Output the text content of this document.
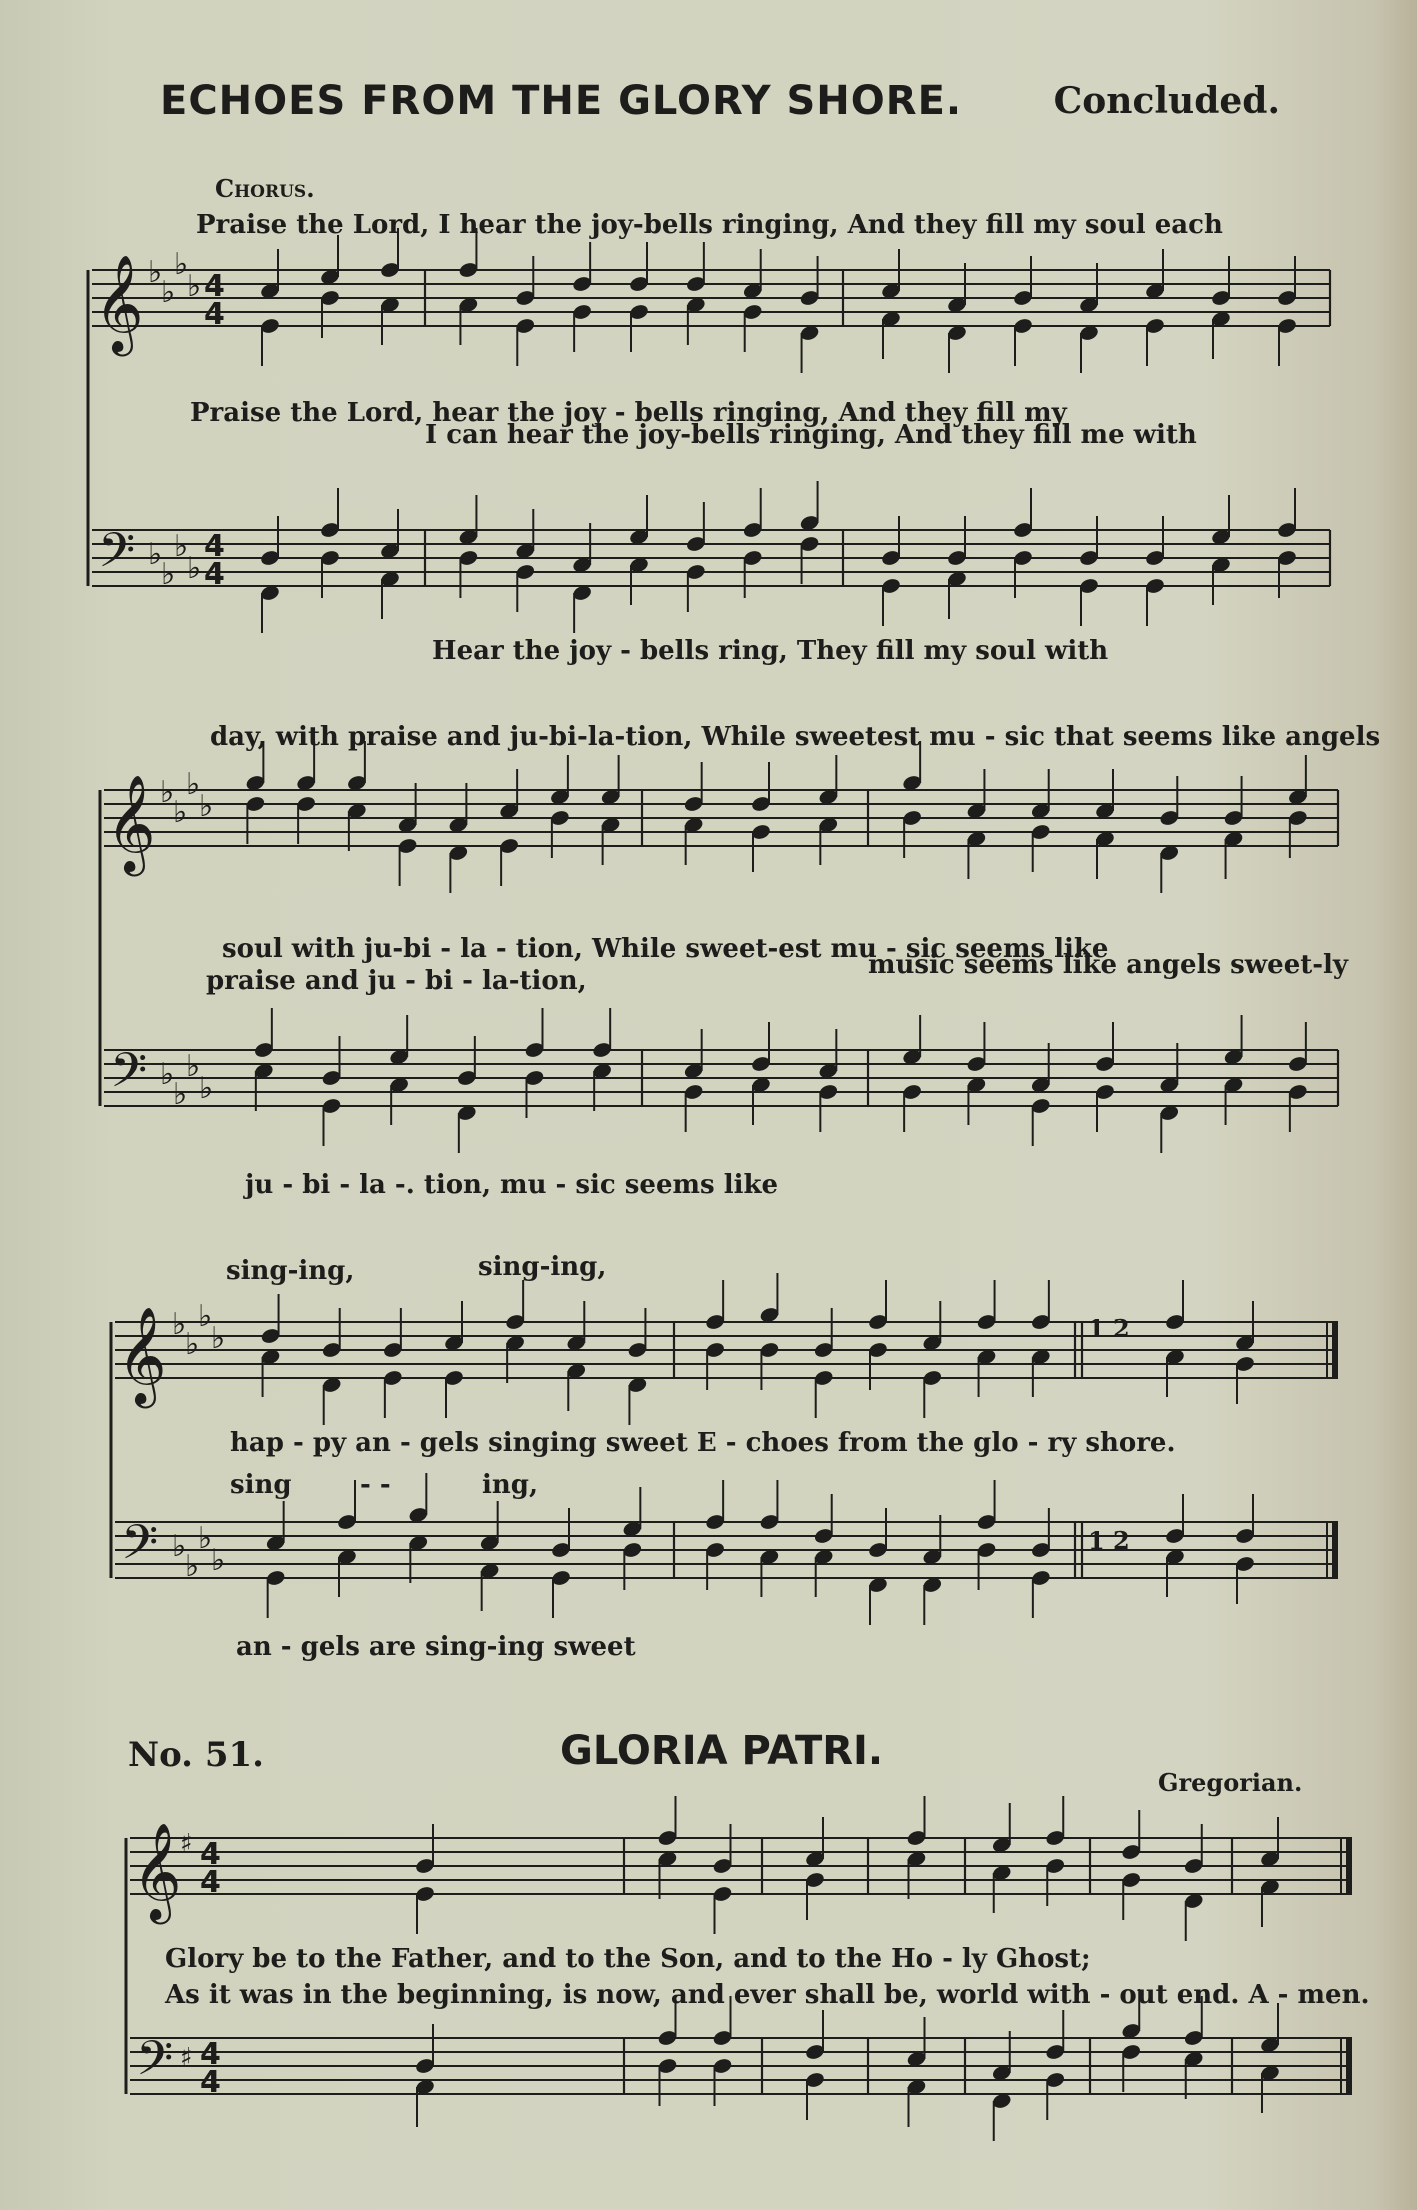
ECHOES FROM THE GLORY SHORE.	Concluded.
𝄞
𝄢
♭
♭
♭
♭
♭
♭
♭
♭
4
4
4
4
𝄞
𝄢
♭
♭
♭
♭
♭
♭
♭
♭
𝄞
𝄢
♭
♭
♭
♭
♭
♭
♭
♭
𝄞
𝄢
♯
♯
4
4
4
4
Chorus.
Praise the Lord, I hear the joy-bells ringing, And they fill my soul each
Praise the Lord, hear the joy - bells ringing, And they fill my
I can hear the joy-bells ringing, And they fill me with
Hear the joy - bells ring, They fill my soul with
day, with praise and ju-bi-la-tion, While sweetest mu - sic that seems like angels
soul with ju-bi - la - tion, While sweet-est mu - sic seems like
praise and ju - bi - la-tion,
music seems like angels sweet-ly
ju - bi - la -. tion, mu - sic seems like
sing-ing,	sing-ing,
hap - py an - gels singing sweet E - choes from the glo - ry shore.
sing	- -	ing,
an - gels are sing-ing sweet
No. 51.	GLORIA PATRI.
Gregorian.
Glory be to the Father, and to the Son, and to the Ho - ly Ghost;
As it was in the beginning, is now, and ever shall be, world with - out end. A - men.
1 2
1 2
